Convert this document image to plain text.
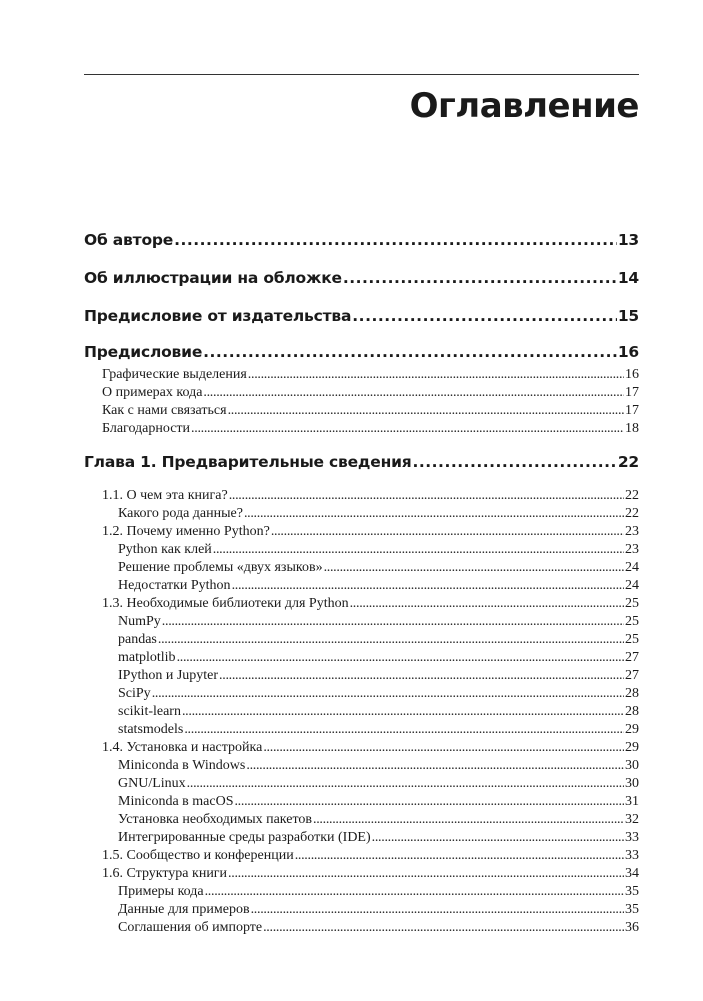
Оглавление
Об авторе .....	13
Об иллюстрации на обложке .....	14
Предисловие от издательства .....	15
Предисловие .....	16
Графические выделения .....	16
О примерах кода .....	17
Как с нами связаться .....	17
Благодарности .....	18
Глава 1. Предварительные сведения .....	22
1.1. О чем эта книга? .....	22
Какого рода данные? .....	22
1.2. Почему именно Python? .....	23
Python как клей .....	23
Решение проблемы «двух языков» .....	24
Недостатки Python .....	24
1.3. Необходимые библиотеки для Python .....	25
NumPy .....	25
pandas .....	25
matplotlib .....	27
IPython и Jupyter .....	27
SciPy .....	28
scikit-learn .....	28
statsmodels .....	29
1.4. Установка и настройка .....	29
Miniconda в Windows .....	30
GNU/Linux .....	30
Miniconda в macOS .....	31
Установка необходимых пакетов .....	32
Интегрированные среды разработки (IDE) .....	33
1.5. Сообщество и конференции .....	33
1.6. Структура книги .....	34
Примеры кода .....	35
Данные для примеров .....	35
Соглашения об импорте .....	36
